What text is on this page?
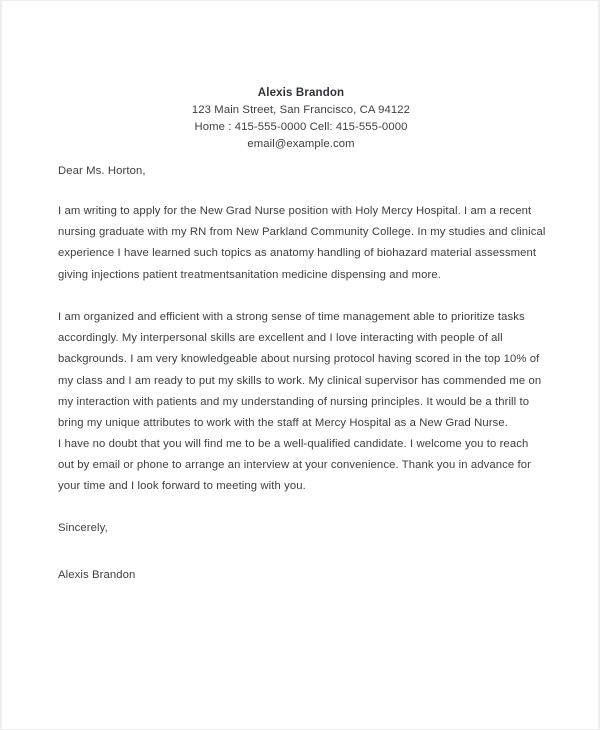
Alexis Brandon
123 Main Street, San Francisco, CA 94122
Home : 415-555-0000 Cell: 415-555-0000
email@example.com
Dear Ms. Horton,
I am writing to apply for the New Grad Nurse position with Holy Mercy Hospital. I am a recent nursing graduate with my RN from New Parkland Community College. In my studies and clinical experience I have learned such topics as anatomy handling of biohazard material assessment giving injections patient treatmentsanitation medicine dispensing and more.
I am organized and efficient with a strong sense of time management able to prioritize tasks accordingly. My interpersonal skills are excellent and I love interacting with people of all backgrounds. I am very knowledgeable about nursing protocol having scored in the top 10% of my class and I am ready to put my skills to work. My clinical supervisor has commended me on my interaction with patients and my understanding of nursing principles. It would be a thrill to bring my unique attributes to work with the staff at Mercy Hospital as a New Grad Nurse.
I have no doubt that you will find me to be a well-qualified candidate. I welcome you to reach out by email or phone to arrange an interview at your convenience. Thank you in advance for your time and I look forward to meeting with you.
Sincerely,
Alexis Brandon
